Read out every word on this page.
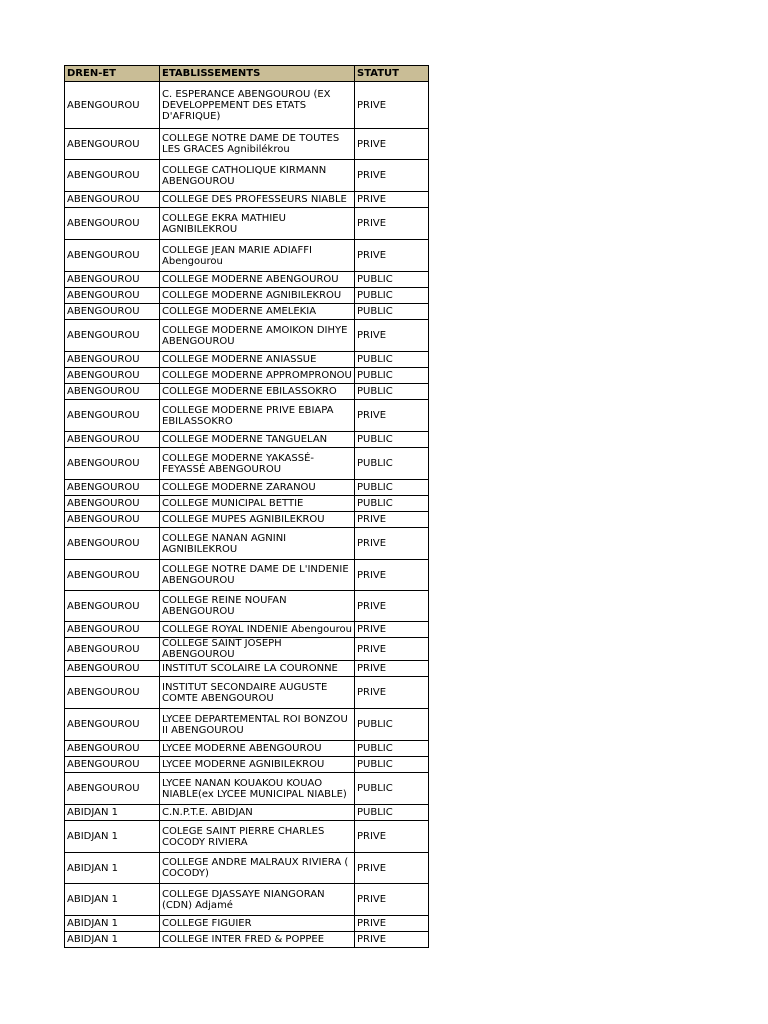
DREN-ET	ETABLISSEMENTS	STATUT
ABENGOUROU	C. ESPERANCE ABENGOUROU (EX DEVELOPPEMENT DES ETATS D'AFRIQUE)	PRIVE
ABENGOUROU	COLLEGE NOTRE DAME DE TOUTES LES GRACES Agnibilékrou	PRIVE
ABENGOUROU	COLLEGE CATHOLIQUE KIRMANN ABENGOUROU	PRIVE
ABENGOUROU	COLLEGE DES PROFESSEURS NIABLE	PRIVE
ABENGOUROU	COLLEGE EKRA MATHIEU AGNIBILEKROU	PRIVE
ABENGOUROU	COLLEGE JEAN MARIE ADIAFFI Abengourou	PRIVE
ABENGOUROU	COLLEGE MODERNE ABENGOUROU	PUBLIC
ABENGOUROU	COLLEGE MODERNE AGNIBILEKROU	PUBLIC
ABENGOUROU	COLLEGE MODERNE AMELEKIA	PUBLIC
ABENGOUROU	COLLEGE MODERNE AMOIKON DIHYE ABENGOUROU	PRIVE
ABENGOUROU	COLLEGE MODERNE ANIASSUE	PUBLIC
ABENGOUROU	COLLEGE MODERNE APPROMPRONOU	PUBLIC
ABENGOUROU	COLLEGE MODERNE EBILASSOKRO	PUBLIC
ABENGOUROU	COLLEGE MODERNE PRIVE EBIAPA EBILASSOKRO	PRIVE
ABENGOUROU	COLLEGE MODERNE TANGUELAN	PUBLIC
ABENGOUROU	COLLEGE MODERNE YAKASSÉ-FEYASSÉ ABENGOUROU	PUBLIC
ABENGOUROU	COLLEGE MODERNE ZARANOU	PUBLIC
ABENGOUROU	COLLEGE MUNICIPAL BETTIE	PUBLIC
ABENGOUROU	COLLEGE MUPES AGNIBILEKROU	PRIVE
ABENGOUROU	COLLEGE NANAN AGNINI AGNIBILEKROU	PRIVE
ABENGOUROU	COLLEGE NOTRE DAME DE L'INDENIE ABENGOUROU	PRIVE
ABENGOUROU	COLLEGE REINE NOUFAN ABENGOUROU	PRIVE
ABENGOUROU	COLLEGE ROYAL INDENIE Abengourou	PRIVE
ABENGOUROU	COLLEGE SAINT JOSEPH ABENGOUROU	PRIVE
ABENGOUROU	INSTITUT SCOLAIRE LA COURONNE	PRIVE
ABENGOUROU	INSTITUT SECONDAIRE AUGUSTE COMTE ABENGOUROU	PRIVE
ABENGOUROU	LYCEE DEPARTEMENTAL ROI BONZOU II ABENGOUROU	PUBLIC
ABENGOUROU	LYCEE MODERNE ABENGOUROU	PUBLIC
ABENGOUROU	LYCEE MODERNE AGNIBILEKROU	PUBLIC
ABENGOUROU	LYCEE NANAN KOUAKOU KOUAO NIABLE(ex LYCEE MUNICIPAL NIABLE)	PUBLIC
ABIDJAN 1	C.N.P.T.E. ABIDJAN	PUBLIC
ABIDJAN 1	COLEGE SAINT PIERRE CHARLES COCODY RIVIERA	PRIVE
ABIDJAN 1	COLLEGE ANDRE MALRAUX RIVIERA ( COCODY)	PRIVE
ABIDJAN 1	COLLEGE DJASSAYE NIANGORAN (CDN) Adjamé	PRIVE
ABIDJAN 1	COLLEGE FIGUIER	PRIVE
ABIDJAN 1	COLLEGE INTER FRED & POPPEE	PRIVE
